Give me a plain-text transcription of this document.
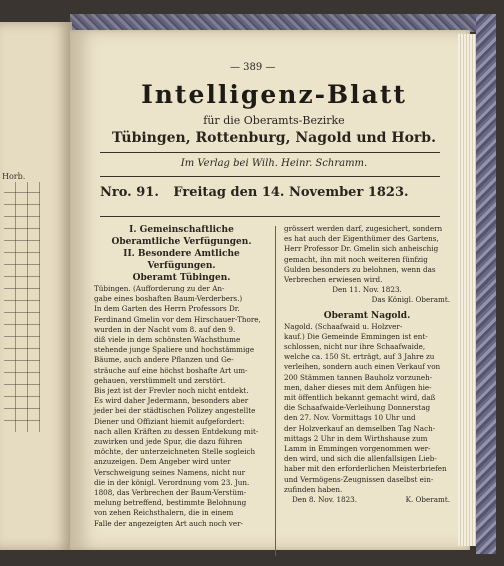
Horb.
— 389 —
Intelligenz-Blatt
für die Oberamts-Bezirke
Tübingen, Rottenburg, Nagold und Horb.
Im Verlag bei Wilh. Heinr. Schramm.
Nro. 91. Freitag den 14. November 1823.

I. Gemeinschaftliche Oberamtliche Verfügungen.

II. Besondere Amtliche Verfügungen.

Oberamt Tübingen.

Tübingen. (Aufforderung zu der An-

gabe eines boshaften Baum-Verderbers.)

In dem Garten des Herrn Professors Dr.

Ferdinand Gmelin vor dem Hirschauer-Thore,

wurden in der Nacht vom 8. auf den 9.

diß viele in dem schönsten Wachsthume

stehende junge Spaliere und hochstämmige

Bäume, auch andere Pflanzen und Ge-

sträuche auf eine höchst boshafte Art um-

gehauen, verstümmelt und zerstört.

Bis jezt ist der Frevler noch nicht entdekt.

Es wird daher Jedermann, besonders aber

jeder bei der städtischen Polizey angestellte

Diener und Offiziant hiemit aufgefordert:

nach allen Kräften zu dessen Entdekung mit-

zuwirken und jede Spur, die dazu führen

möchte, der unterzeichneten Stelle sogleich

anzuzeigen. Dem Angeber wird unter

Verschweigung seines Namens, nicht nur

die in der königl. Verordnung vom 23. Jun.

1808, das Verbrechen der Baum-Verstüm-

melung betreffend, bestimmte Belohnung

von zehen Reichsthalern, die in einem

Falle der angezeigten Art auch noch ver-

grössert werden darf, zugesichert, sondern

es hat auch der Eigenthümer des Gartens,

Herr Professor Dr. Gmelin sich anheischig

gemacht, ihn mit noch weiteren fünfzig

Gulden besonders zu belohnen, wenn das

Verbrechen erwiesen wird.

Den 11. Nov. 1823.

Das Königl. Oberamt.

Oberamt Nagold.

Nagold. (Schaafwaid u. Holzver-

kauf.) Die Gemeinde Emmingen ist ent-

schlossen, nicht nur ihre Schaafwaide,

welche ca. 150 St. erträgt, auf 3 Jahre zu

verleihen, sondern auch einen Verkauf von

200 Stämmen tannen Bauholz vorzuneh-

men, daher dieses mit dem Anfügen hie-

mit öffentlich bekannt gemacht wird, daß

die Schaafwaide-Verleihung Donnerstag

den 27. Nov. Vormittags 10 Uhr und

der Holzverkauf an demselben Tag Nach-

mittags 2 Uhr in dem Wirthshause zum

Lamm in Emmingen vorgenommen wer-

den wird, und sich die allenfallsigen Lieb-

haber mit den erforderlichen Meisterbriefen

und Vermögens-Zeugnissen daselbst ein-

zufinden haben.

Den 8. Nov. 1823.	K. Oberamt.
